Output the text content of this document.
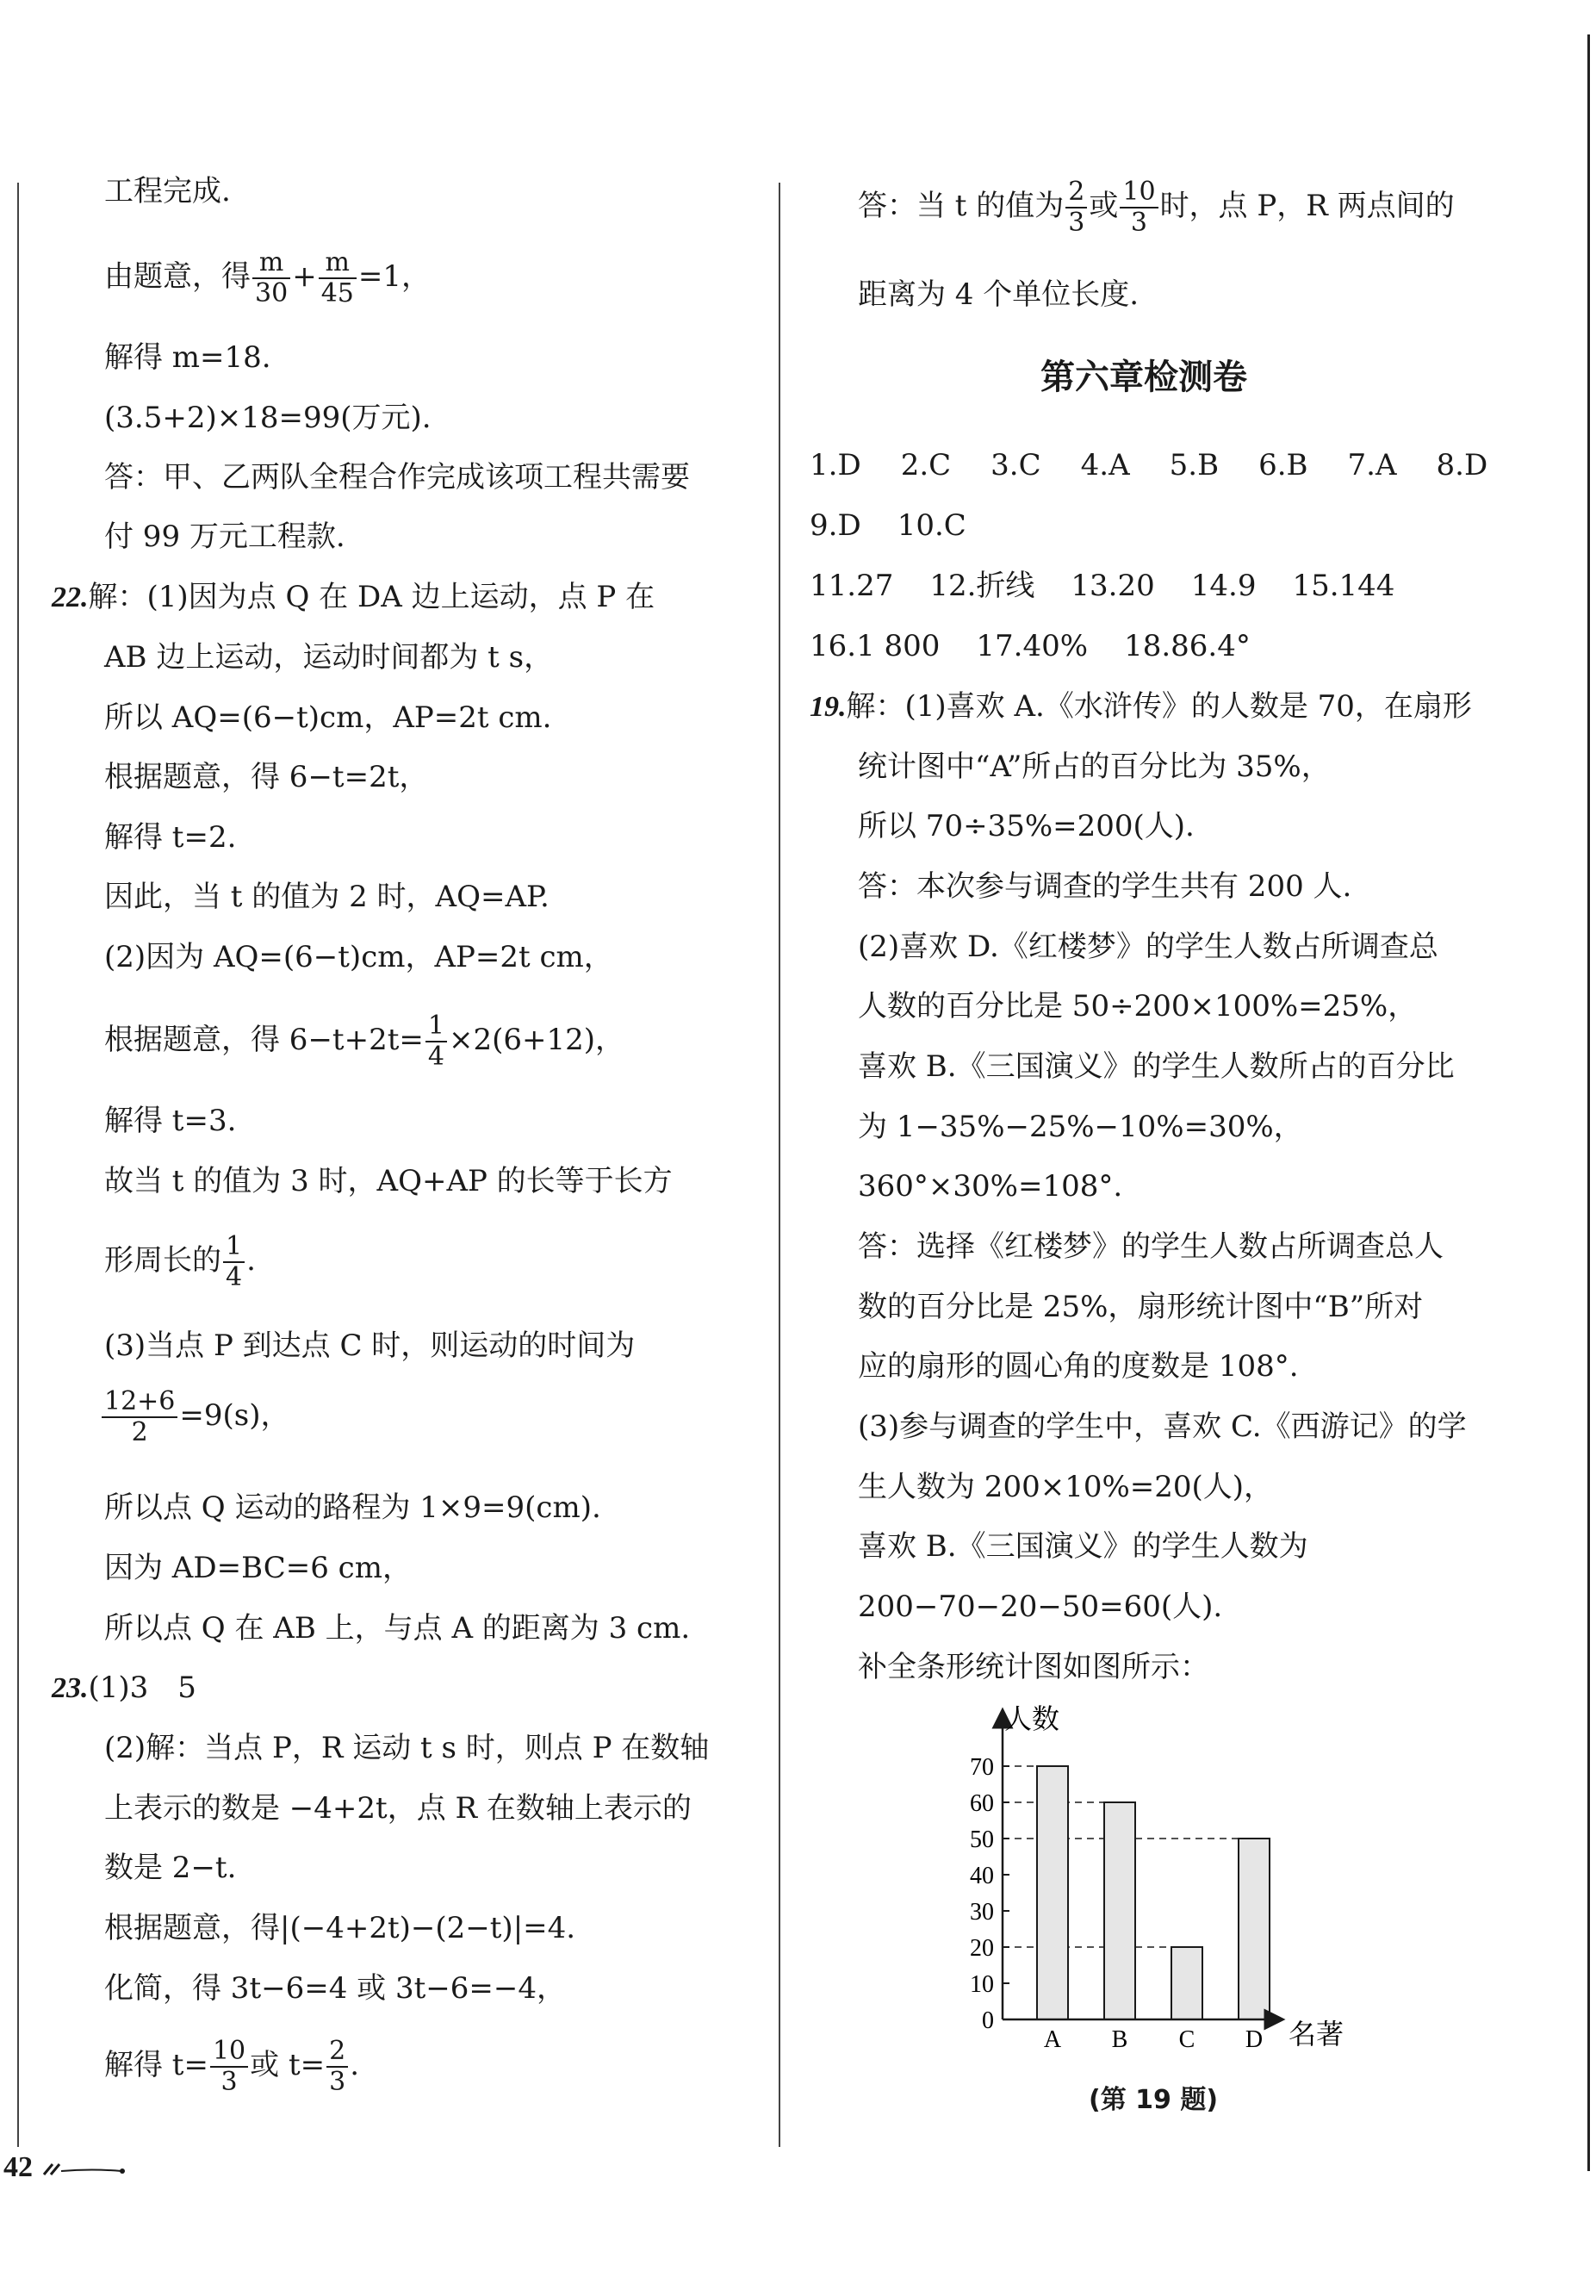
工程完成.
由题意，得 $\frac{m}{30} + \frac{m}{45} =1$，
解得 m=18.
(3.5+2)×18=99(万元).
答：甲、乙两队全程合作完成该项工程共需要
付 99 万元工程款.
22.解：(1)因为点 Q 在 DA 边上运动，点 P 在
AB 边上运动，运动时间都为 t s，
所以 AQ=(6−t)cm，AP=2t cm.
根据题意，得 6−t=2t，
解得 t=2.
因此，当 t 的值为 2 时，AQ=AP.
(2)因为 AQ=(6−t)cm，AP=2t cm，
根据题意，得 $6-t+2t= \frac{1}{4} \times 2(6+12)$，
解得 t=3.
故当 t 的值为 3 时，AQ+AP 的长等于长方
形周长的 $\frac{1}{4}$ .
(3)当点 P 到达点 C 时，则运动的时间为
$\frac{12+6}{2} =9(s)$，
所以点 Q 运动的路程为 1×9=9(cm).
因为 AD=BC=6 cm，
所以点 Q 在 AB 上，与点 A 的距离为 3 cm.
23.(1)3　5
(2)解：当点 P，R 运动 t s 时，则点 P 在数轴
上表示的数是 −4+2t，点 R 在数轴上表示的
数是 2−t.
根据题意，得|(−4+2t)−(2−t)|=4.
化简，得 3t−6=4 或 3t−6=−4，
解得 $t= \frac{10}{3}$ 或 $t= \frac{2}{3}$ .
答：当 t 的值为 $\frac{2}{3}$ 或 $\frac{10}{3}$ 时，点 P，R 两点间的
距离为 4 个单位长度.
第六章检测卷
1.D 2.C 3.C 4.A 5.B 6.B 7.A 8.D
9.D 10.C
11.27 12.折线 13.20 14.9 15.144
16.1 800 17.40% 18.86.4°
19.解：(1)喜欢 A.《水浒传》的人数是 70，在扇形
统计图中“A”所占的百分比为 35%，
所以 70÷35%=200(人).
答：本次参与调查的学生共有 200 人.
(2)喜欢 D.《红楼梦》的学生人数占所调查总
人数的百分比是 50÷200×100%=25%，
喜欢 B.《三国演义》的学生人数所占的百分比
为 1−35%−25%−10%=30%，
360°×30%=108°.
答：选择《红楼梦》的学生人数占所调查总人
数的百分比是 25%，扇形统计图中“B”所对
应的扇形的圆心角的度数是 108°.
(3)参与调查的学生中，喜欢 C.《西游记》的学
生人数为 200×10%=20(人)，
喜欢 B.《三国演义》的学生人数为
200−70−20−50=60(人).
补全条形统计图如图所示：
0
10
20
30
40
50
60
70
A B C D
人数
名著
(第 19 题)
42
